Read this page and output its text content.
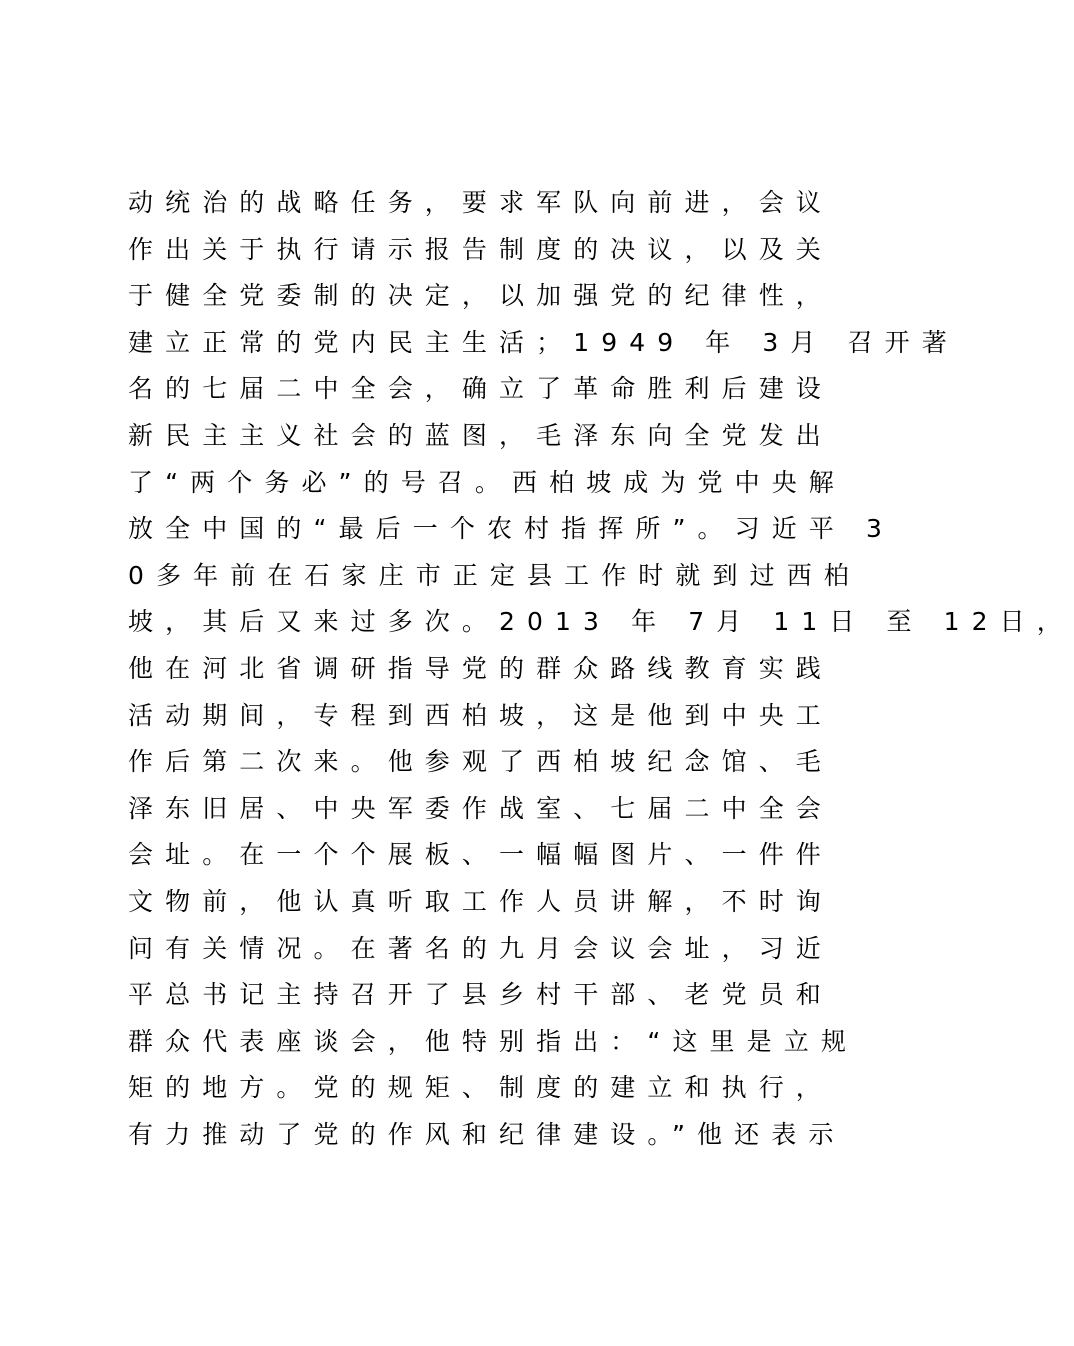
动统治的战略任务，要求军队向前进，会议
作出关于执行请示报告制度的决议，以及关
于健全党委制的决定，以加强党的纪律性，
建立正常的党内民主生活；1949 年 3月 召开著
名的七届二中全会，确立了革命胜利后建设
新民主主义社会的蓝图，毛泽东向全党发出
了“两个务必”的号召。西柏坡成为党中央解
放全中国的“最后一个农村指挥所”。习近平 3
0多年前在石家庄市正定县工作时就到过西柏
坡，其后又来过多次。2013 年 7月 11日 至 12日，
他在河北省调研指导党的群众路线教育实践
活动期间，专程到西柏坡，这是他到中央工
作后第二次来。他参观了西柏坡纪念馆、毛
泽东旧居、中央军委作战室、七届二中全会
会址。在一个个展板、一幅幅图片、一件件
文物前，他认真听取工作人员讲解，不时询
问有关情况。在著名的九月会议会址，习近
平总书记主持召开了县乡村干部、老党员和
群众代表座谈会，他特别指出：“这里是立规
矩的地方。党的规矩、制度的建立和执行，
有力推动了党的作风和纪律建设。”他还表示
